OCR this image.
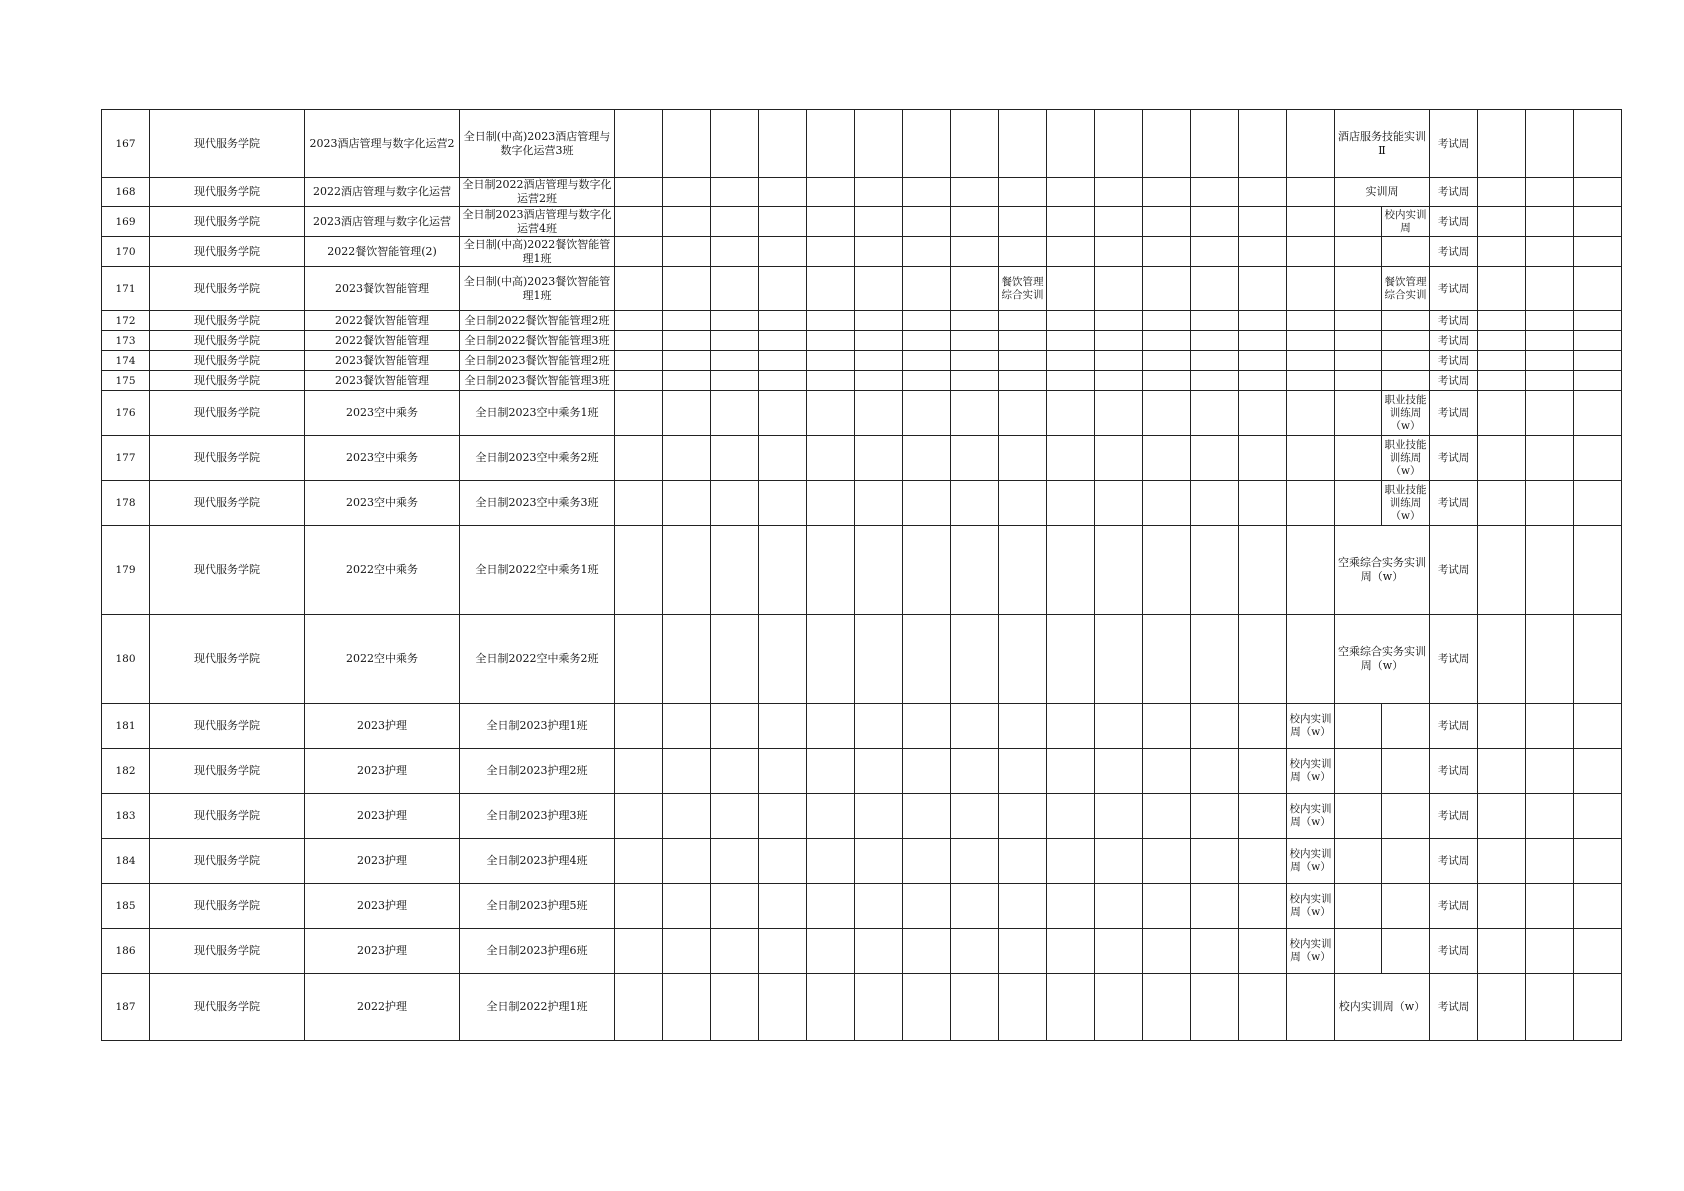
167	现代服务学院	2023酒店管理与数字化运营2	全日制(中高)2023酒店管理与数字化运营3班																酒店服务技能实训Ⅱ		考试周			
168	现代服务学院	2022酒店管理与数字化运营	全日制2022酒店管理与数字化运营2班																实训周		考试周			
169	现代服务学院	2023酒店管理与数字化运营	全日制2023酒店管理与数字化运营4班																	校内实训周	考试周			
170	现代服务学院	2022餐饮智能管理(2)	全日制(中高)2022餐饮智能管理1班																		考试周			
171	现代服务学院	2023餐饮智能管理	全日制(中高)2023餐饮智能管理1班									餐饮管理综合实训								餐饮管理综合实训	考试周			
172	现代服务学院	2022餐饮智能管理	全日制2022餐饮智能管理2班																		考试周			
173	现代服务学院	2022餐饮智能管理	全日制2022餐饮智能管理3班																		考试周			
174	现代服务学院	2023餐饮智能管理	全日制2023餐饮智能管理2班																		考试周			
175	现代服务学院	2023餐饮智能管理	全日制2023餐饮智能管理3班																		考试周			
176	现代服务学院	2023空中乘务	全日制2023空中乘务1班																	职业技能训练周（w）	考试周			
177	现代服务学院	2023空中乘务	全日制2023空中乘务2班																	职业技能训练周（w）	考试周			
178	现代服务学院	2023空中乘务	全日制2023空中乘务3班																	职业技能训练周（w）	考试周			
179	现代服务学院	2022空中乘务	全日制2022空中乘务1班																空乘综合实务实训周（w）		考试周			
180	现代服务学院	2022空中乘务	全日制2022空中乘务2班																空乘综合实务实训周（w）		考试周			
181	现代服务学院	2023护理	全日制2023护理1班															校内实训周（w）			考试周			
182	现代服务学院	2023护理	全日制2023护理2班															校内实训周（w）			考试周			
183	现代服务学院	2023护理	全日制2023护理3班															校内实训周（w）			考试周			
184	现代服务学院	2023护理	全日制2023护理4班															校内实训周（w）			考试周			
185	现代服务学院	2023护理	全日制2023护理5班															校内实训周（w）			考试周			
186	现代服务学院	2023护理	全日制2023护理6班															校内实训周（w）			考试周			
187	现代服务学院	2022护理	全日制2022护理1班																校内实训周（w）		考试周			
